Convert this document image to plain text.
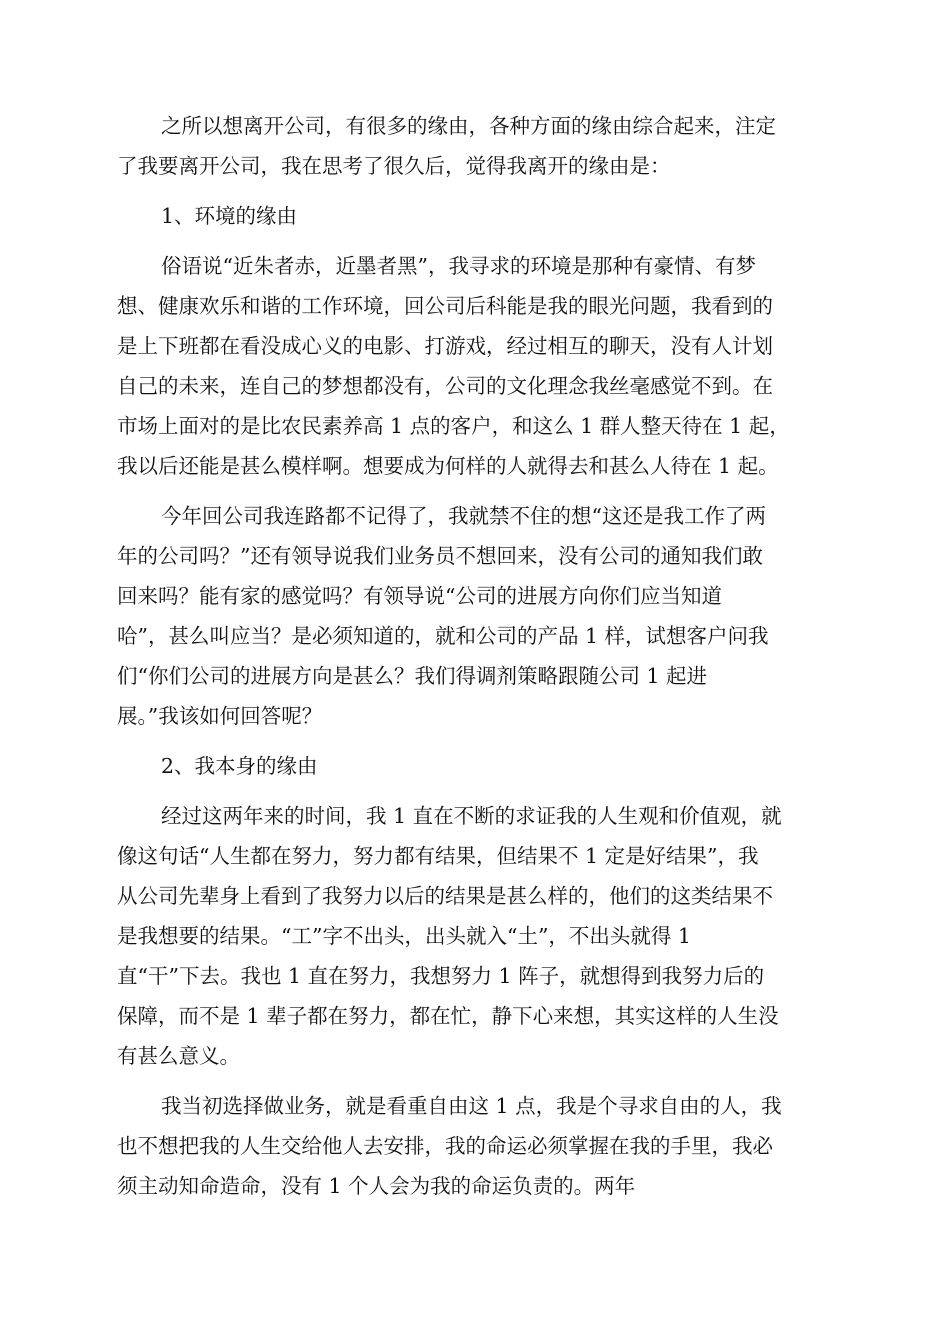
之所以想离开公司，有很多的缘由，各种方面的缘由综合起来，注定
了我要离开公司，我在思考了很久后，觉得我离开的缘由是：
1、环境的缘由
俗语说“近朱者赤，近墨者黑”，我寻求的环境是那种有豪情、有梦
想、健康欢乐和谐的工作环境，回公司后科能是我的眼光问题，我看到的
是上下班都在看没成心义的电影、打游戏，经过相互的聊天，没有人计划
自己的未来，连自己的梦想都没有，公司的文化理念我丝毫感觉不到。在
市场上面对的是比农民素养高 1 点的客户，和这么 1 群人整天待在 1 起，
我以后还能是甚么模样啊。想要成为何样的人就得去和甚么人待在 1 起。
今年回公司我连路都不记得了，我就禁不住的想“这还是我工作了两
年的公司吗？”还有领导说我们业务员不想回来，没有公司的通知我们敢
回来吗？能有家的感觉吗？有领导说“公司的进展方向你们应当知道
哈”，甚么叫应当？是必须知道的，就和公司的产品 1 样，试想客户问我
们“你们公司的进展方向是甚么？我们得调剂策略跟随公司 1 起进
展。”我该如何回答呢？
2、我本身的缘由
经过这两年来的时间，我 1 直在不断的求证我的人生观和价值观，就
像这句话“人生都在努力，努力都有结果，但结果不 1 定是好结果”，我
从公司先辈身上看到了我努力以后的结果是甚么样的，他们的这类结果不
是我想要的结果。“工”字不出头，出头就入“土”，不出头就得 1
直“干”下去。我也 1 直在努力，我想努力 1 阵子，就想得到我努力后的
保障，而不是 1 辈子都在努力，都在忙，静下心来想，其实这样的人生没
有甚么意义。
我当初选择做业务，就是看重自由这 1 点，我是个寻求自由的人，我
也不想把我的人生交给他人去安排，我的命运必须掌握在我的手里，我必
须主动知命造命，没有 1 个人会为我的命运负责的。两年
